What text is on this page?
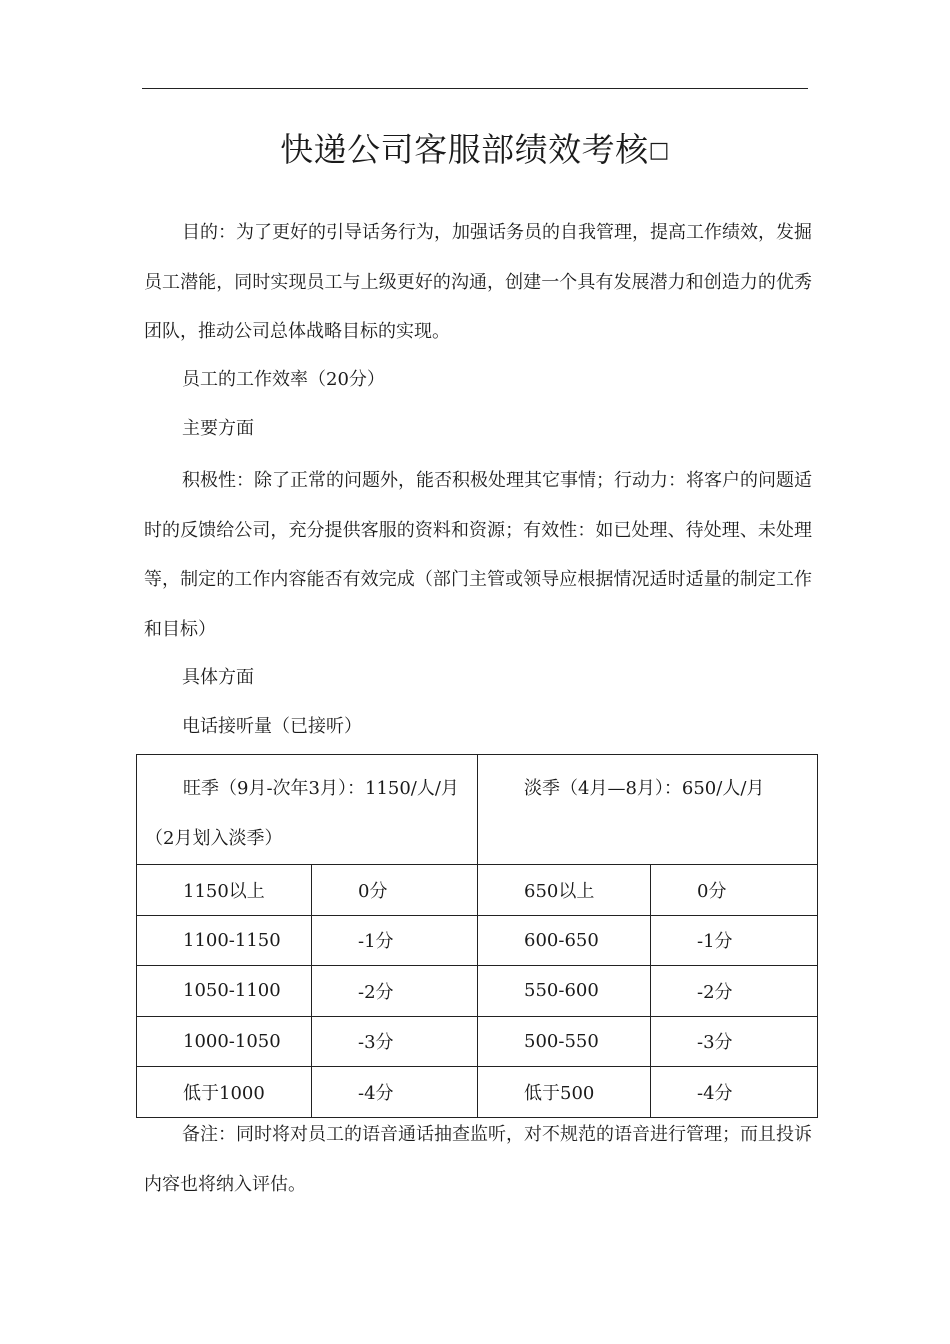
快递公司客服部绩效考核□

目的：为了更好的引导话务行为，加强话务员的自我管理，提高工作绩效，发掘员工潜能，同时实现员工与上级更好的沟通，创建一个具有发展潜力和创造力的优秀团队，推动公司总体战略目标的实现。

员工的工作效率（20分）

主要方面

积极性：除了正常的问题外，能否积极处理其它事情；行动力：将客户的问题适时的反馈给公司，充分提供客服的资料和资源；有效性：如已处理、待处理、未处理等，制定的工作内容能否有效完成（部门主管或领导应根据情况适时适量的制定工作和目标）

具体方面

电话接听量（已接听）

旺季（9月-次年3月）：1150/人/月（2月划入淡季）		淡季（4月—8月）：650/人/月	

1150以上	0分	650以上	0分

1100-1150	-1分	600-650	-1分

1050-1100	-2分	550-600	-2分

1000-1050	-3分	500-550	-3分

低于1000	-4分	低于500	-4分

备注：同时将对员工的语音通话抽查监听，对不规范的语音进行管理；而且投诉内容也将纳入评估。
